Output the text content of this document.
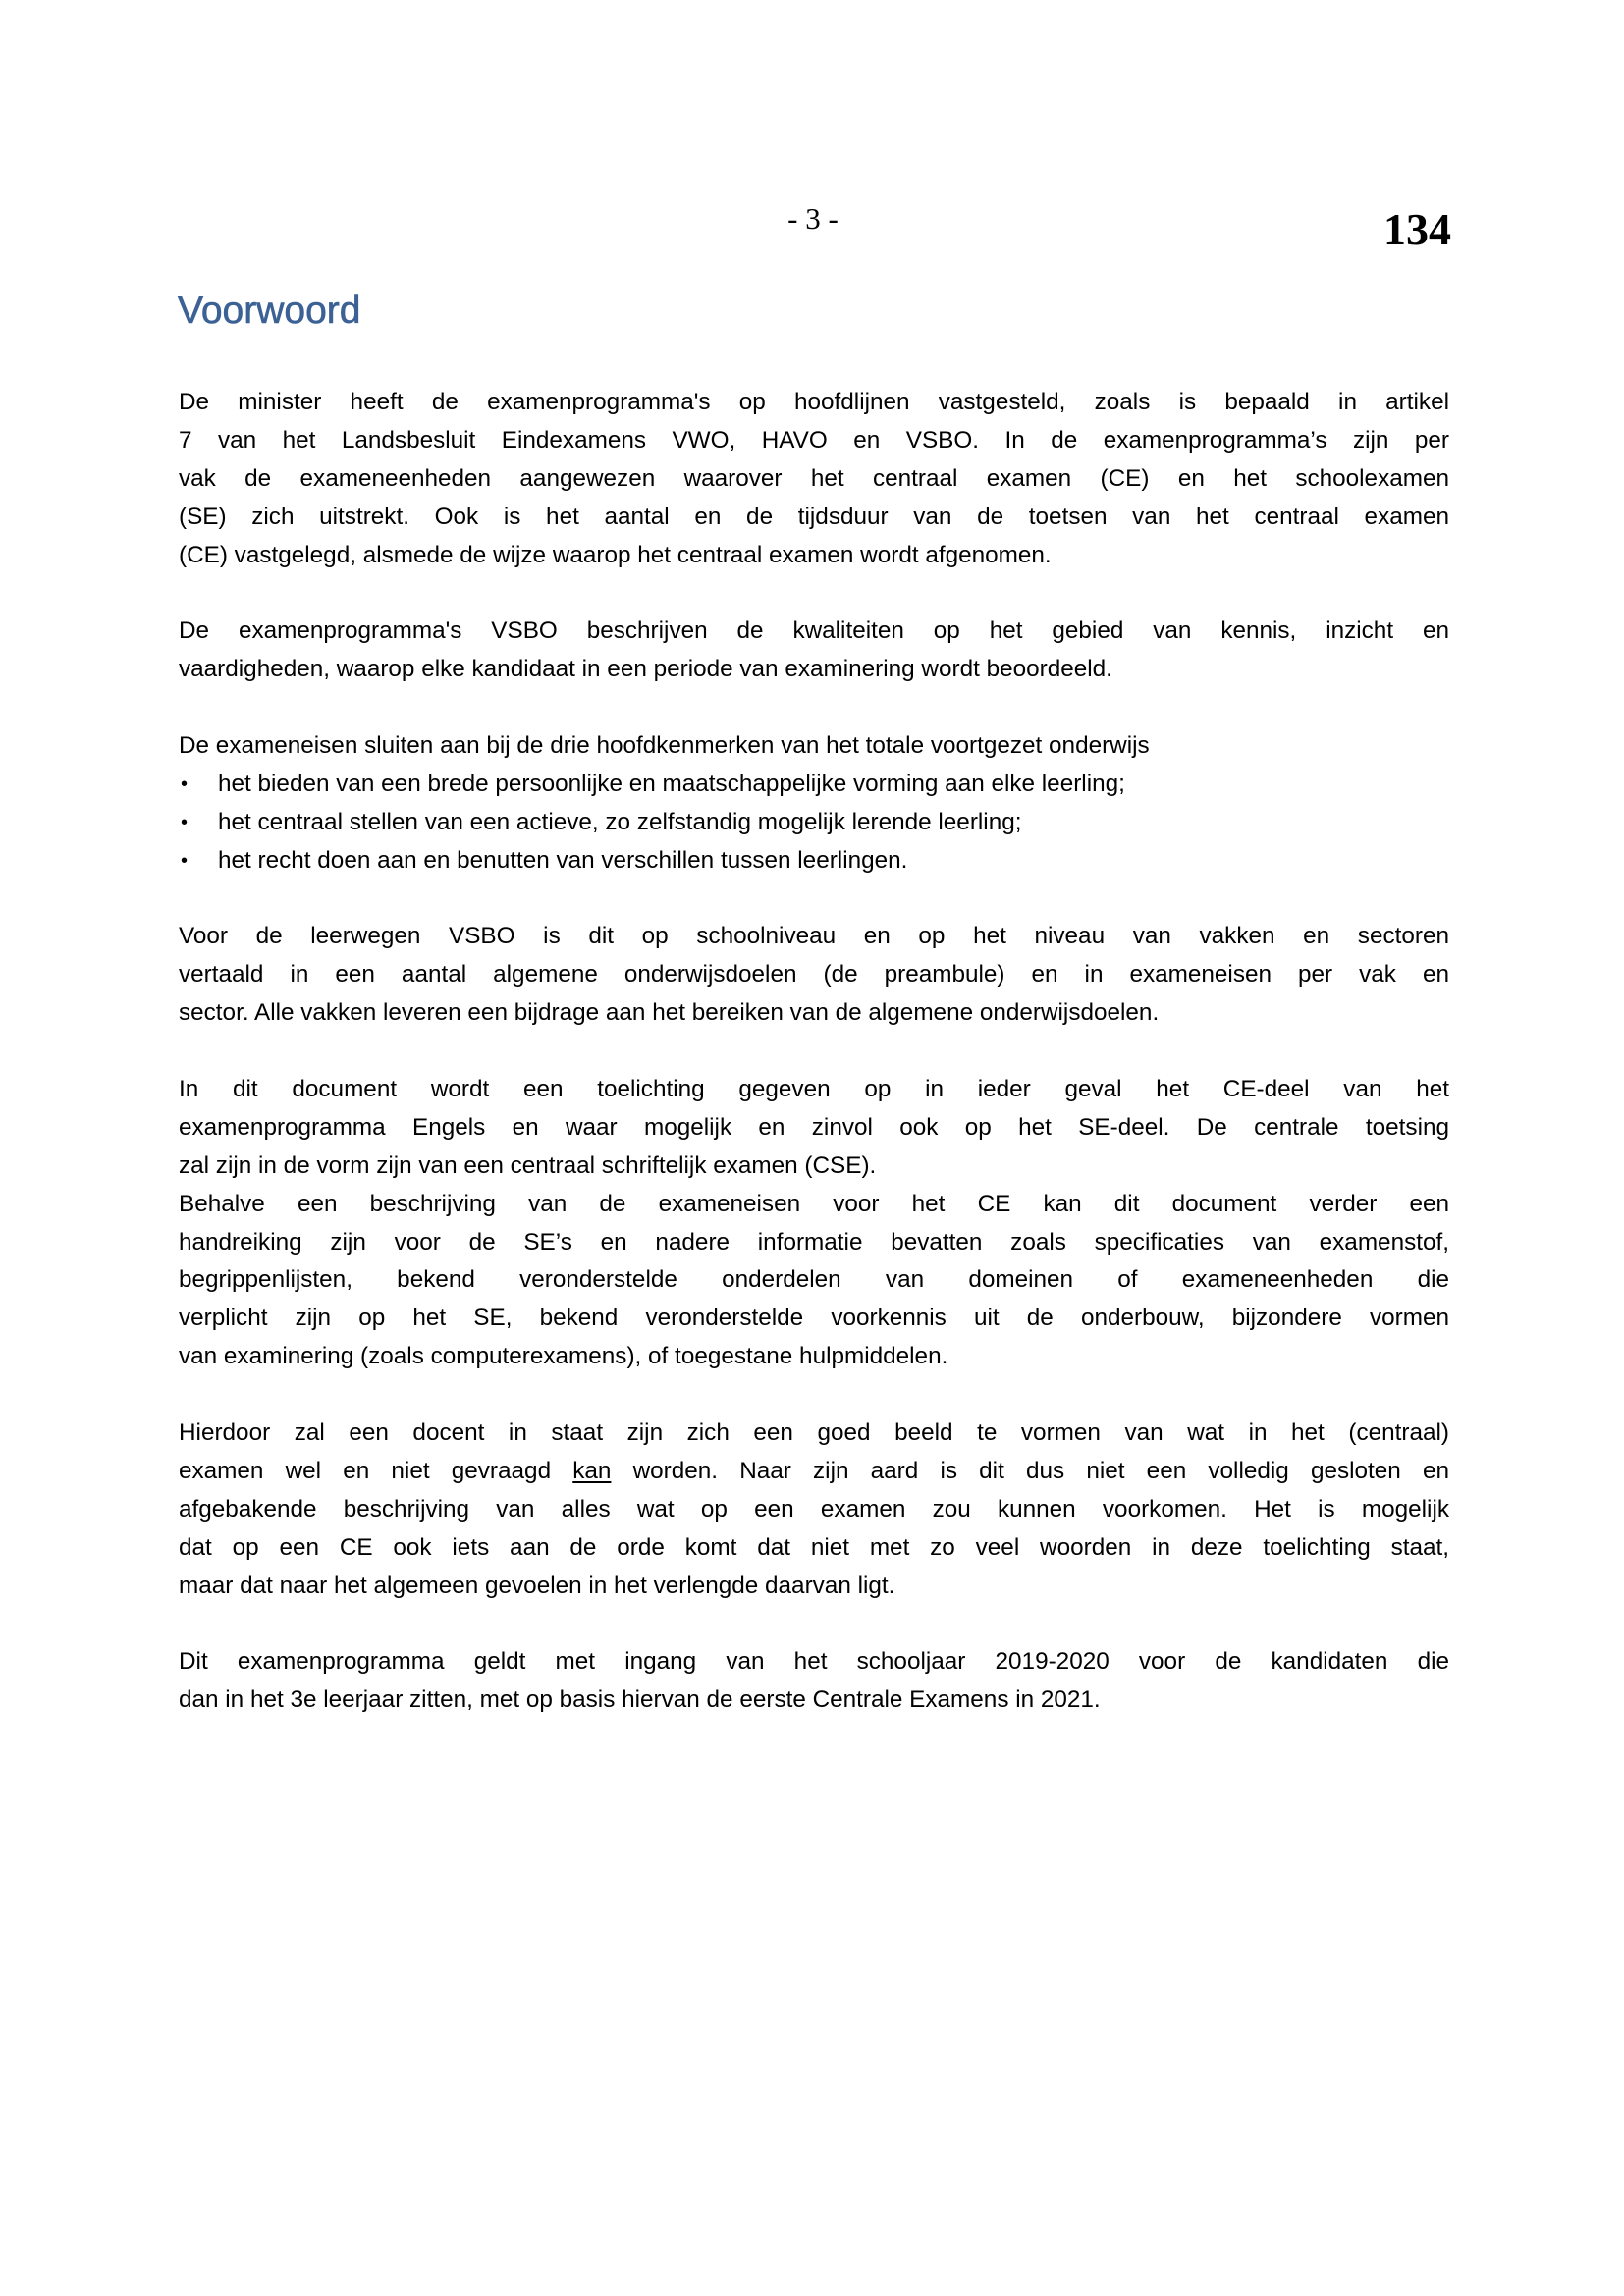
- 3 -	134
Voorwoord
De minister heeft de examenprogramma's op hoofdlijnen vastgesteld, zoals is bepaald in artikel
7 van het Landsbesluit Eindexamens VWO, HAVO en VSBO. In de examenprogramma’s zijn per
vak de exameneenheden aangewezen waarover het centraal examen (CE) en het schoolexamen
(SE) zich uitstrekt. Ook is het aantal en de tijdsduur van de toetsen van het centraal examen
(CE) vastgelegd, alsmede de wijze waarop het centraal examen wordt afgenomen.
De examenprogramma's VSBO beschrijven de kwaliteiten op het gebied van kennis, inzicht en
vaardigheden, waarop elke kandidaat in een periode van examinering wordt beoordeeld.
De exameneisen sluiten aan bij de drie hoofdkenmerken van het totale voortgezet onderwijs
•	het bieden van een brede persoonlijke en maatschappelijke vorming aan elke leerling;
•	het centraal stellen van een actieve, zo zelfstandig mogelijk lerende leerling;
•	het recht doen aan en benutten van verschillen tussen leerlingen.
Voor de leerwegen VSBO is dit op schoolniveau en op het niveau van vakken en sectoren
vertaald in een aantal algemene onderwijsdoelen (de preambule) en in exameneisen per vak en
sector. Alle vakken leveren een bijdrage aan het bereiken van de algemene onderwijsdoelen.
In dit document wordt een toelichting gegeven op in ieder geval het CE-deel van het
examenprogramma Engels en waar mogelijk en zinvol ook op het SE-deel. De centrale toetsing
zal zijn in de vorm zijn van een centraal schriftelijk examen (CSE).
Behalve een beschrijving van de exameneisen voor het CE kan dit document verder een
handreiking zijn voor de SE’s en nadere informatie bevatten zoals specificaties van examenstof,
begrippenlijsten, bekend veronderstelde onderdelen van domeinen of exameneenheden die
verplicht zijn op het SE, bekend veronderstelde voorkennis uit de onderbouw, bijzondere vormen
van examinering (zoals computerexamens), of toegestane hulpmiddelen.
Hierdoor zal een docent in staat zijn zich een goed beeld te vormen van wat in het (centraal)
examen wel en niet gevraagd kan worden. Naar zijn aard is dit dus niet een volledig gesloten en
afgebakende beschrijving van alles wat op een examen zou kunnen voorkomen. Het is mogelijk
dat op een CE ook iets aan de orde komt dat niet met zo veel woorden in deze toelichting staat,
maar dat naar het algemeen gevoelen in het verlengde daarvan ligt.
Dit examenprogramma geldt met ingang van het schooljaar 2019-2020 voor de kandidaten die
dan in het 3e leerjaar zitten, met op basis hiervan de eerste Centrale Examens in 2021.
